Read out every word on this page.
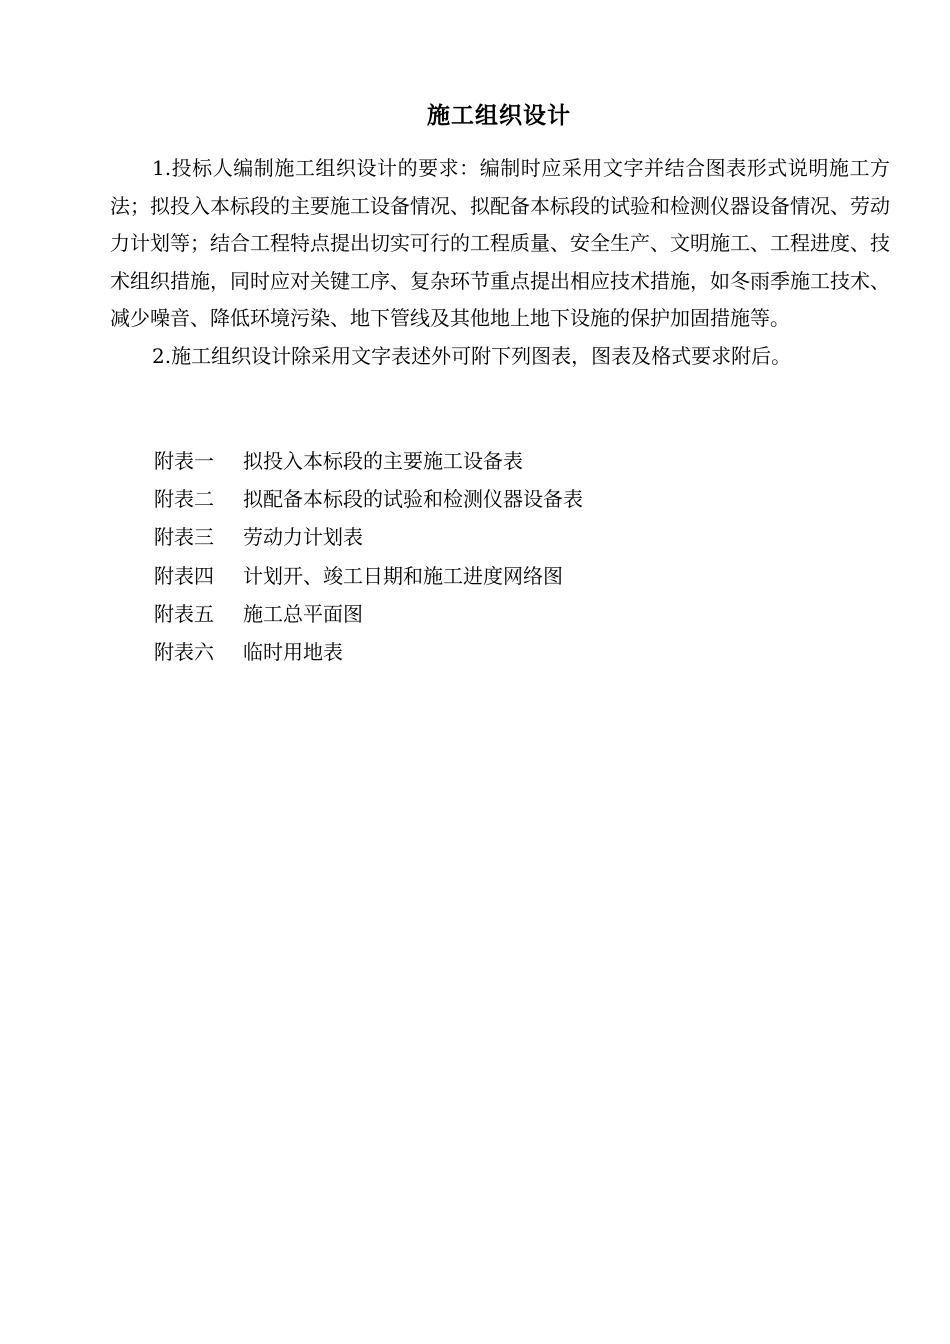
施工组织设计

1.投标人编制施工组织设计的要求：编制时应采用文字并结合图表形式说明施工方法；拟投入本标段的主要施工设备情况、拟配备本标段的试验和检测仪器设备情况、劳动力计划等；结合工程特点提出切实可行的工程质量、安全生产、文明施工、工程进度、技术组织措施，同时应对关键工序、复杂环节重点提出相应技术措施，如冬雨季施工技术、减少噪音、降低环境污染、地下管线及其他地上地下设施的保护加固措施等。

2.施工组织设计除采用文字表述外可附下列图表，图表及格式要求附后。

附表一 拟投入本标段的主要施工设备表
附表二 拟配备本标段的试验和检测仪器设备表
附表三 劳动力计划表
附表四 计划开、竣工日期和施工进度网络图
附表五 施工总平面图
附表六 临时用地表
